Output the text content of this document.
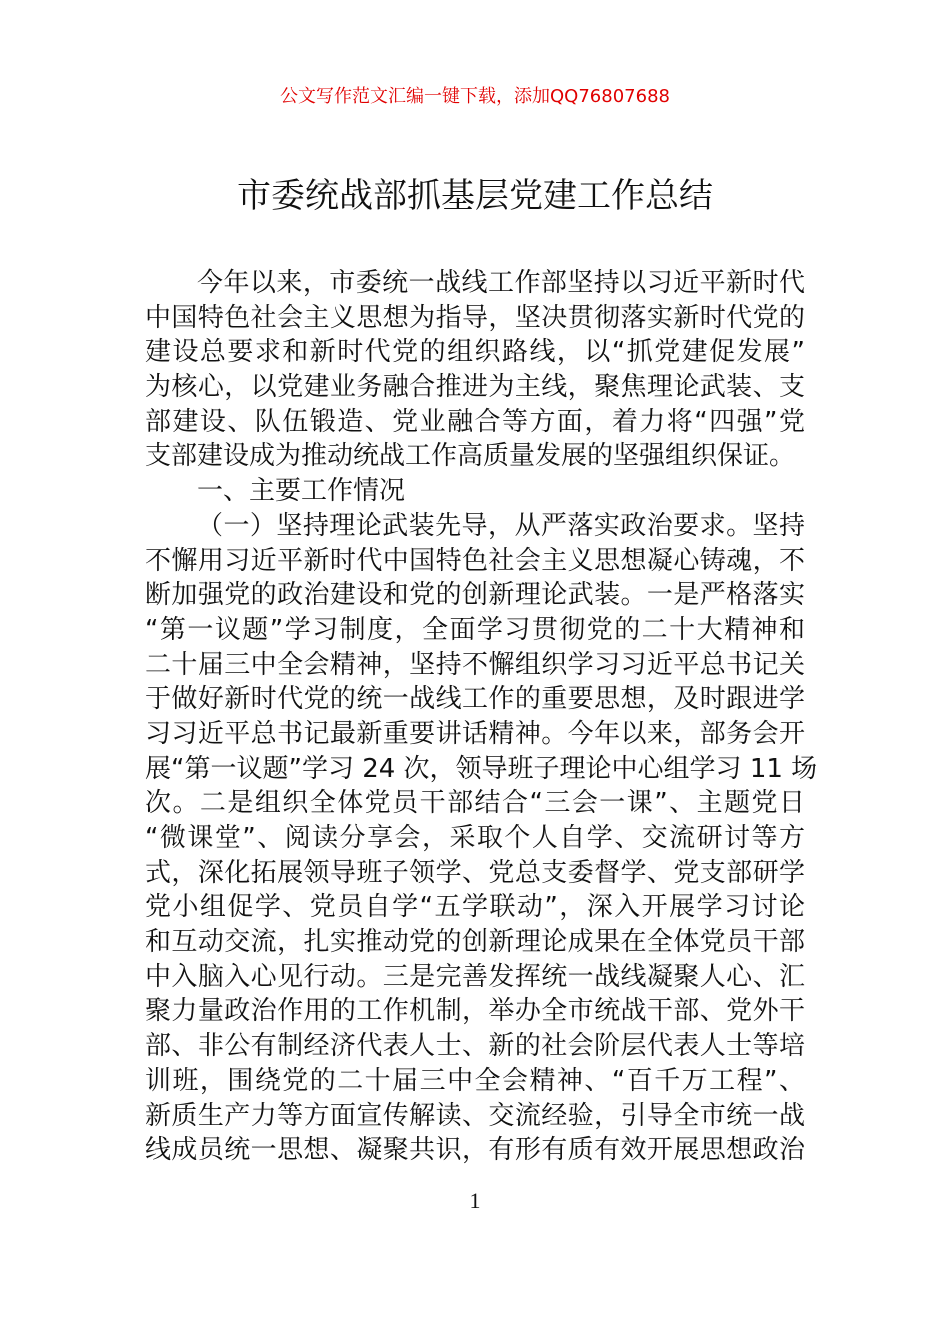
公文写作范文汇编一键下载，添加QQ76807688
市委统战部抓基层党建工作总结
今年以来，市委统一战线工作部坚持以习近平新时代
中国特色社会主义思想为指导，坚决贯彻落实新时代党的
建设总要求和新时代党的组织路线，以“抓党建促发展”
为核心，以党建业务融合推进为主线，聚焦理论武装、支
部建设、队伍锻造、党业融合等方面，着力将“四强”党
支部建设成为推动统战工作高质量发展的坚强组织保证。
一、主要工作情况
（一）坚持理论武装先导，从严落实政治要求。坚持
不懈用习近平新时代中国特色社会主义思想凝心铸魂，不
断加强党的政治建设和党的创新理论武装。一是严格落实
“第一议题”学习制度，全面学习贯彻党的二十大精神和
二十届三中全会精神，坚持不懈组织学习习近平总书记关
于做好新时代党的统一战线工作的重要思想，及时跟进学
习习近平总书记最新重要讲话精神。今年以来，部务会开
展“第一议题”学习 24 次，领导班子理论中心组学习 11 场
次。二是组织全体党员干部结合“三会一课”、主题党日
“微课堂”、阅读分享会，采取个人自学、交流研讨等方
式，深化拓展领导班子领学、党总支委督学、党支部研学
党小组促学、党员自学“五学联动”，深入开展学习讨论
和互动交流，扎实推动党的创新理论成果在全体党员干部
中入脑入心见行动。三是完善发挥统一战线凝聚人心、汇
聚力量政治作用的工作机制，举办全市统战干部、党外干
部、非公有制经济代表人士、新的社会阶层代表人士等培
训班，围绕党的二十届三中全会精神、“百千万工程”、
新质生产力等方面宣传解读、交流经验，引导全市统一战
线成员统一思想、凝聚共识，有形有质有效开展思想政治
1
